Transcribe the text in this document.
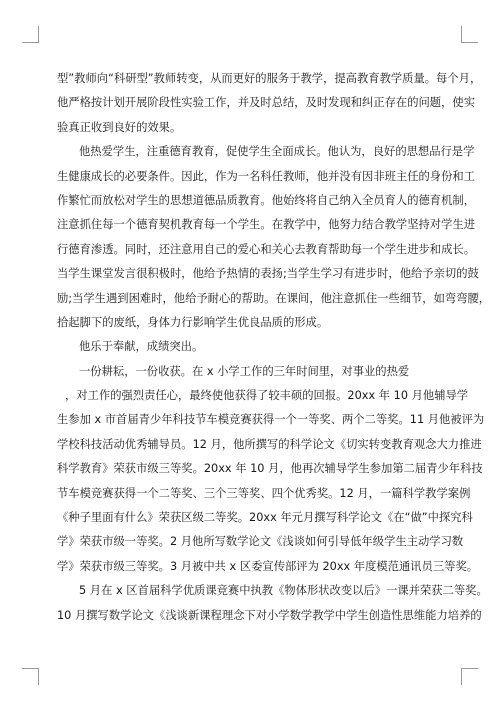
型”教师向“科研型”教师转变，从而更好的服务于教学，提高教育教学质量。每个月，
他严格按计划开展阶段性实验工作，并及时总结，及时发现和纠正存在的问题，使实
验真正收到良好的效果。
他热爱学生，注重德育教育，促使学生全面成长。他认为，良好的思想品行是学
生健康成长的必要条件。因此，作为一名科任教师，他并没有因非班主任的身份和工
作繁忙而放松对学生的思想道德品质教育。他始终将自己纳入全员育人的德育机制，
注意抓住每一个德育契机教育每一个学生。在教学中，他努力结合教学坚持对学生进
行德育渗透。同时，还注意用自己的爱心和关心去教育帮助每一个学生进步和成长。
当学生课堂发言很积极时，他给予热情的表扬;当学生学习有进步时，他给予亲切的鼓
励;当学生遇到困难时，他给予耐心的帮助。在课间，他注意抓住一些细节，如弯弯腰，
拾起脚下的废纸，身体力行影响学生优良品质的形成。
他乐于奉献，成绩突出。
一份耕耘，一份收获。在 x 小学工作的三年时间里，对事业的热爱
，对工作的强烈责任心，最终使他获得了较丰硕的回报。20xx 年 10 月他辅导学
生参加 x 市首届青少年科技节车模竞赛获得一个一等奖、两个二等奖。11 月他被评为
学校科技活动优秀辅导员。12 月，他所撰写的科学论文《切实转变教育观念大力推进
科学教育》荣获市级三等奖。20xx 年 10 月，他再次辅导学生参加第二届青少年科技
节车模竞赛获得一个二等奖、三个三等奖、四个优秀奖。12 月，一篇科学教学案例
《种子里面有什么》荣获区级二等奖。20xx 年元月撰写科学论文《在“做”中探究科
学》荣获市级一等奖。2 月他所写数学论文《浅谈如何引导低年级学生主动学习数
学》荣获市级三等奖。3 月被中共 x 区委宣传部评为 20xx 年度模范通讯员三等奖。
5 月在 x 区首届科学优质课竞赛中执教《物体形状改变以后》一课并荣获二等奖。
10 月撰写数学论文《浅谈新课程理念下对小学数学教学中学生创造性思维能力培养的
